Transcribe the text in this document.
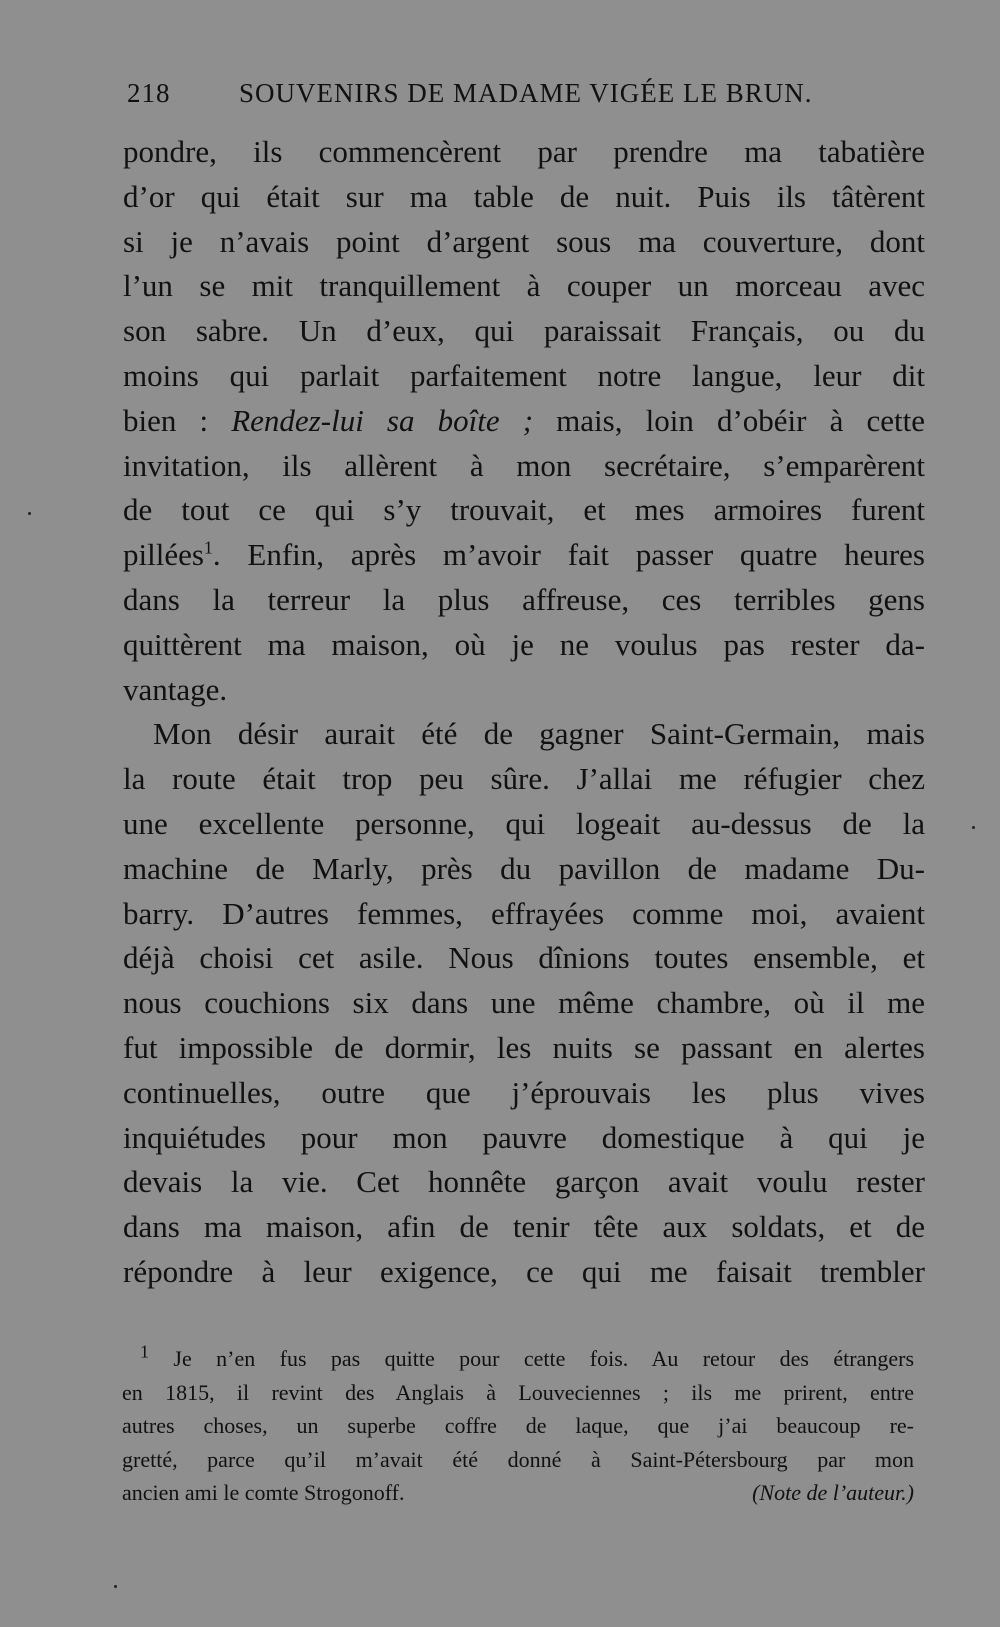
218	SOUVENIRS DE MADAME VIGÉE LE BRUN.
pondre, ils commencèrent par prendre ma tabatière
d’or qui était sur ma table de nuit. Puis ils tâtèrent
si je n’avais point d’argent sous ma couverture, dont
l’un se mit tranquillement à couper un morceau avec
son sabre. Un d’eux, qui paraissait Français, ou du
moins qui parlait parfaitement notre langue, leur dit
bien : Rendez-lui sa boîte ; mais, loin d’obéir à cette
invitation, ils allèrent à mon secrétaire, s’emparèrent
de tout ce qui s’y trouvait, et mes armoires furent
pillées$^1$. Enfin, après m’avoir fait passer quatre heures
dans la terreur la plus affreuse, ces terribles gens
quittèrent ma maison, où je ne voulus pas rester da-
vantage.
Mon désir aurait été de gagner Saint-Germain, mais
la route était trop peu sûre. J’allai me réfugier chez
une excellente personne, qui logeait au-dessus de la
machine de Marly, près du pavillon de madame Du-
barry. D’autres femmes, effrayées comme moi, avaient
déjà choisi cet asile. Nous dînions toutes ensemble, et
nous couchions six dans une même chambre, où il me
fut impossible de dormir, les nuits se passant en alertes
continuelles, outre que j’éprouvais les plus vives
inquiétudes pour mon pauvre domestique à qui je
devais la vie. Cet honnête garçon avait voulu rester
dans ma maison, afin de tenir tête aux soldats, et de
répondre à leur exigence, ce qui me faisait trembler
$^1$ Je n’en fus pas quitte pour cette fois. Au retour des étrangers
en 1815, il revint des Anglais à Louveciennes ; ils me prirent, entre
autres choses, un superbe coffre de laque, que j’ai beaucoup re-
gretté, parce qu’il m’avait été donné à Saint-Pétersbourg par mon
ancien ami le comte Strogonoff.	(Note de l’auteur.)
